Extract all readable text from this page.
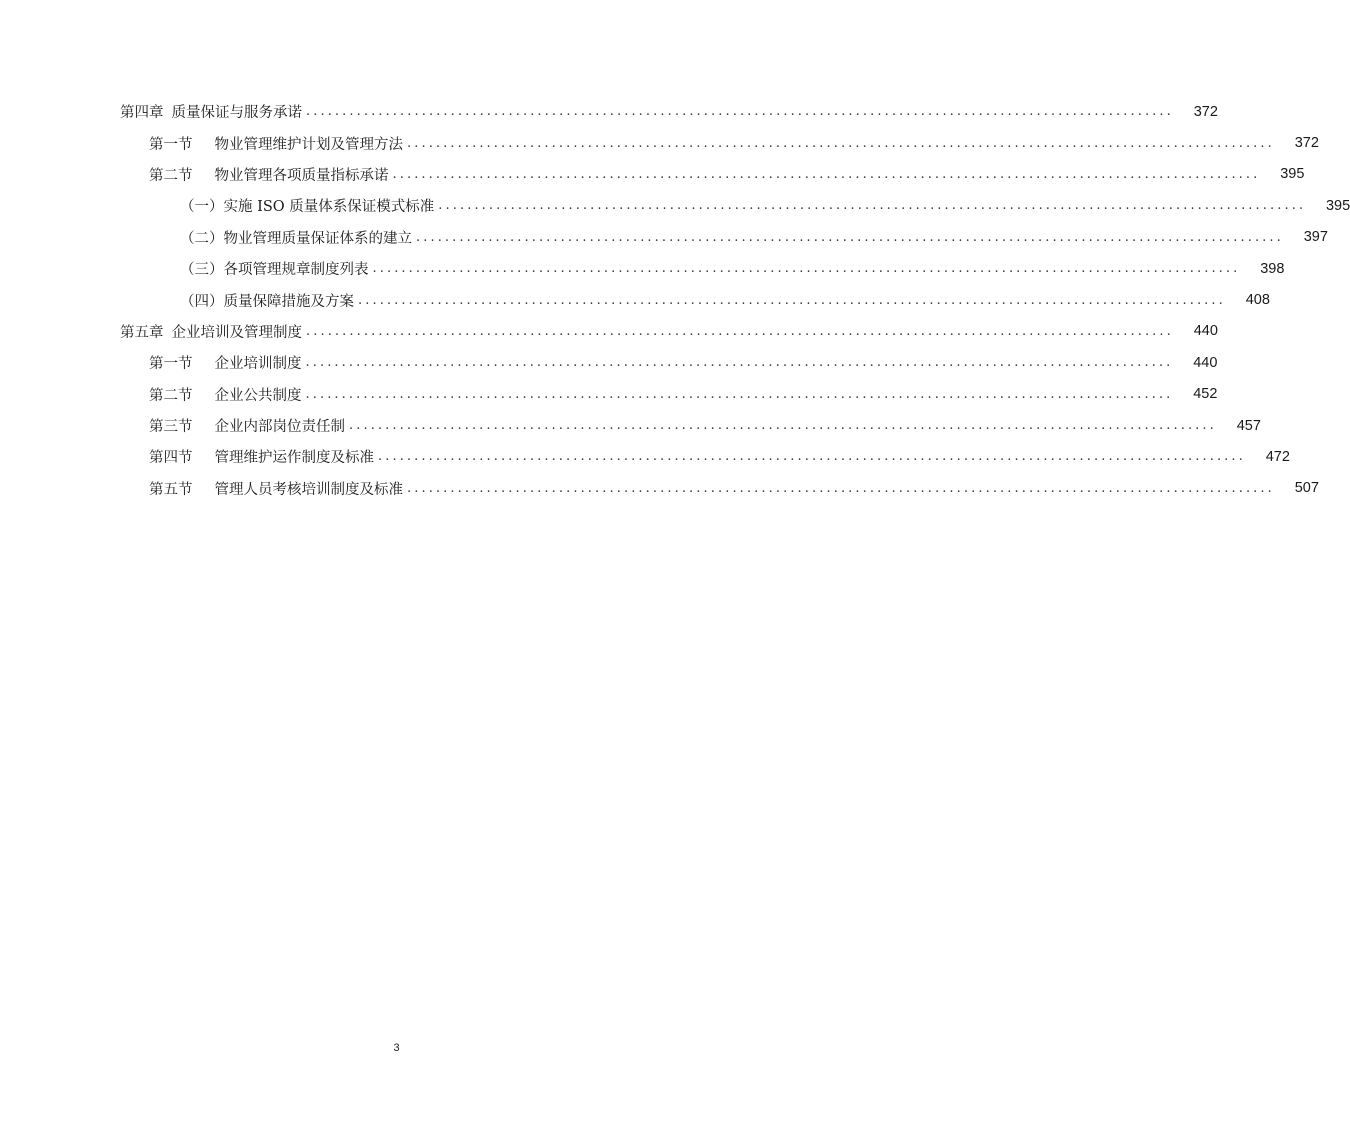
第四章 质量保证与服务承诺 ........................................................................................................................	372
第一节 物业管理维护计划及管理方法 ........................................................................................................................	372
第二节 物业管理各项质量指标承诺 ........................................................................................................................	395
（一）实施 ISO 质量体系保证模式标准 ........................................................................................................................	395
（二）物业管理质量保证体系的建立 ........................................................................................................................	397
（三）各项管理规章制度列表 ........................................................................................................................	398
（四）质量保障措施及方案 ........................................................................................................................	408
第五章 企业培训及管理制度 ........................................................................................................................	440
第一节 企业培训制度 ........................................................................................................................	440
第二节 企业公共制度 ........................................................................................................................	452
第三节 企业内部岗位责任制 ........................................................................................................................	457
第四节 管理维护运作制度及标准 ........................................................................................................................	472
第五节 管理人员考核培训制度及标准 ........................................................................................................................	507
3
